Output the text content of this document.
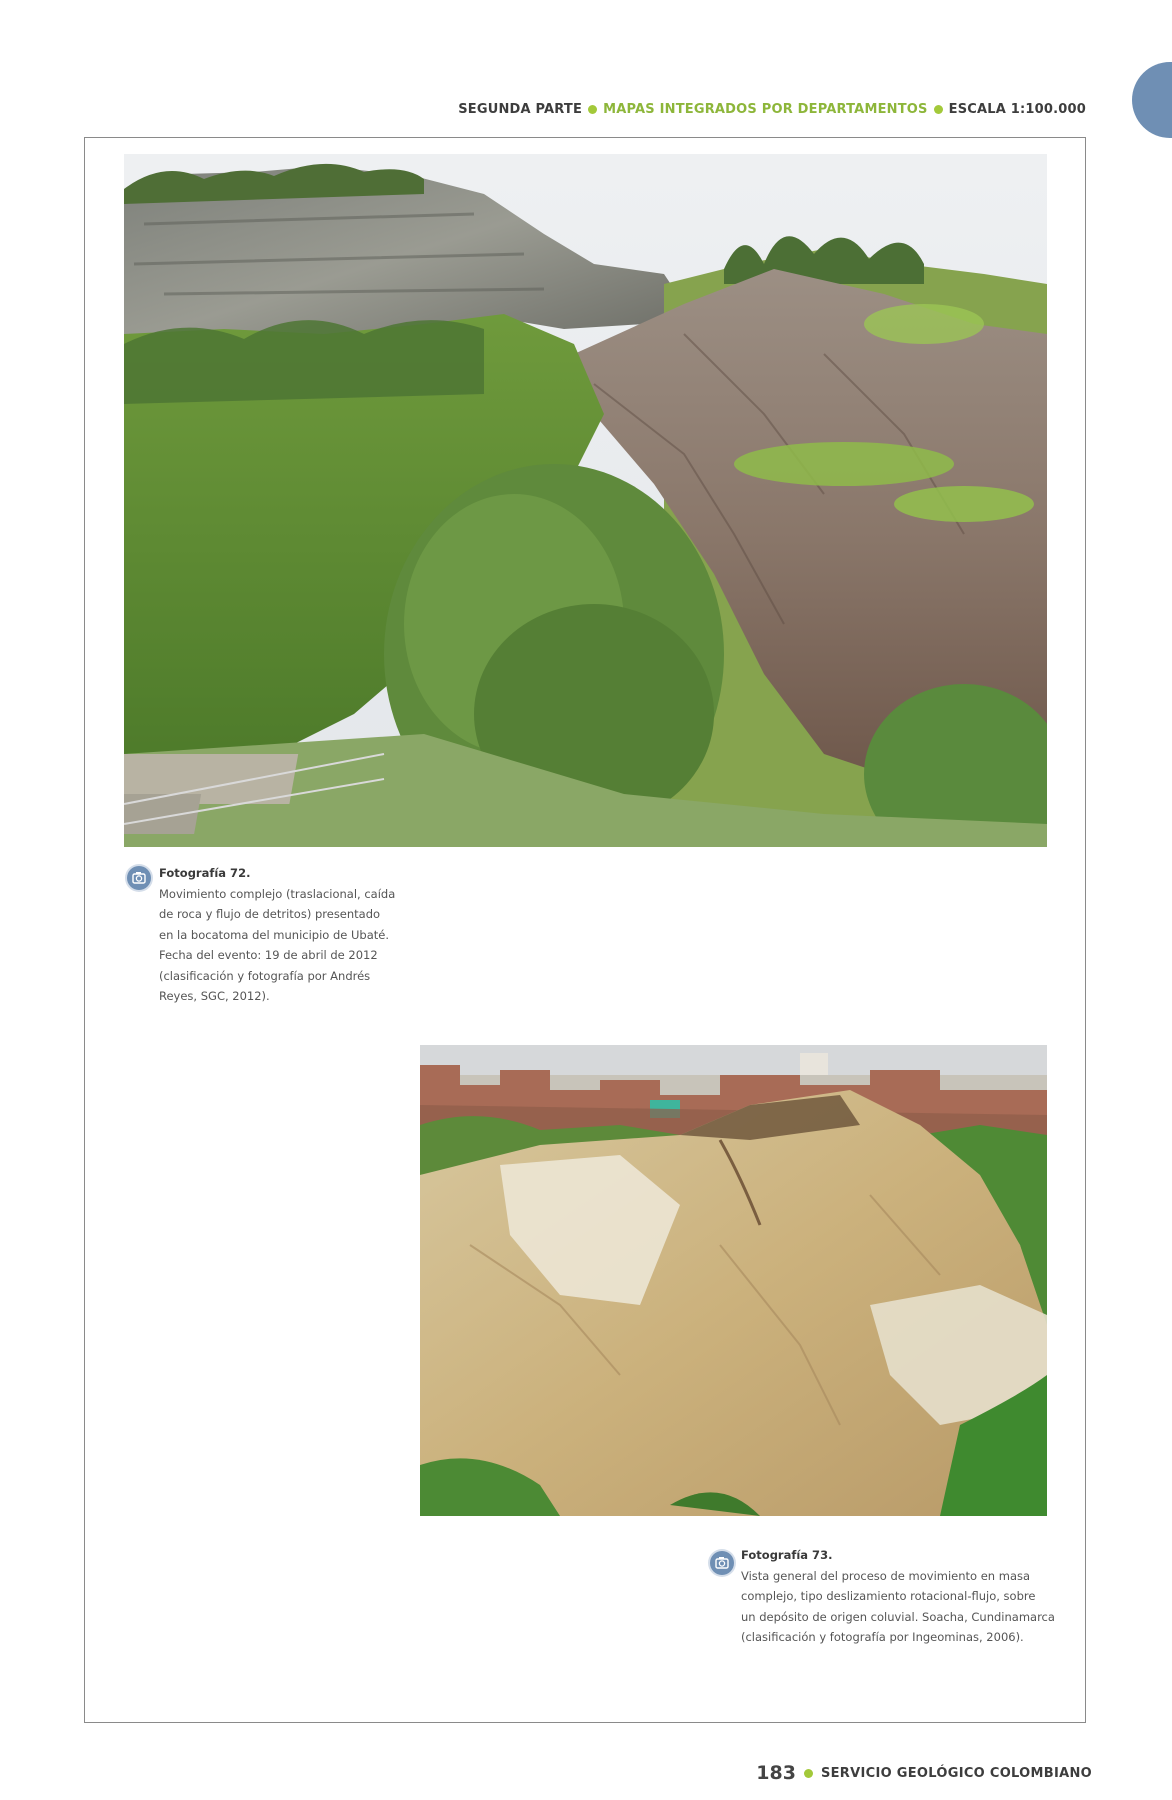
SEGUNDA PARTE MAPAS INTEGRADOS POR DEPARTAMENTOS ESCALA 1:100.000
Fotografía 72.
Movimiento complejo (traslacional, caída
de roca y flujo de detritos) presentado
en la bocatoma del municipio de Ubaté.
Fecha del evento: 19 de abril de 2012
(clasificación y fotografía por Andrés
Reyes, SGC, 2012).
Fotografía 73.
Vista general del proceso de movimiento en masa
complejo, tipo deslizamiento rotacional-flujo, sobre
un depósito de origen coluvial. Soacha, Cundinamarca
(clasificación y fotografía por Ingeominas, 2006).
183 SERVICIO GEOLÓGICO COLOMBIANO
